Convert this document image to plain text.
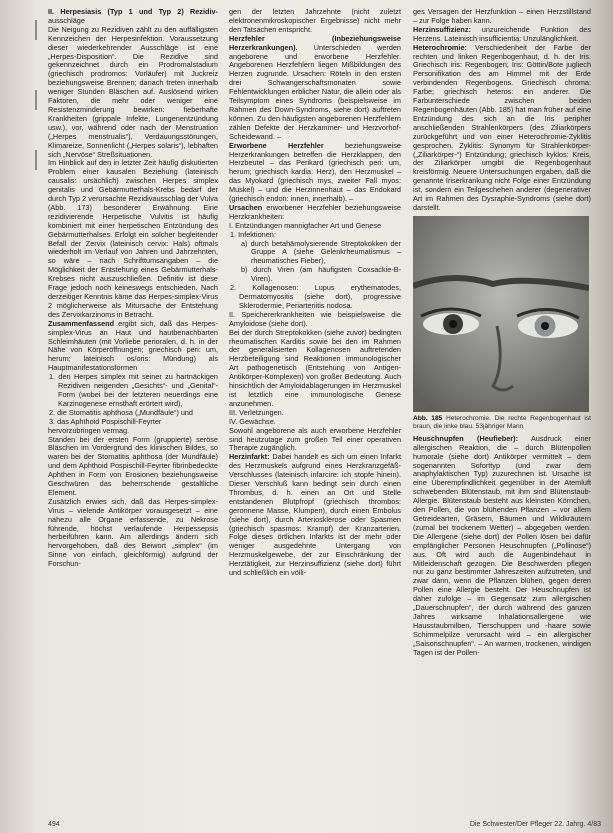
II. Herpesiasis (Typ 1 und Typ 2) Rezidiv-ausschläge

Die Neigung zu Rezidiven zählt zu den auffälligsten Kennzeichen der Herpesinfektion. Voraussetzung dieser wiederkehrender Ausschläge ist eine „Herpes-Disposition“. Die Rezidive sind gekennzeichnet durch ein Prodromalstadium (griechisch prodromos: Vorläufer) mit Juckreiz beziehungsweise Brennen; danach treten innerhalb weniger Stunden Bläschen auf. Auslösend wirken Faktoren, die mehr oder weniger eine Resistenzminderung bewirken: fieberhafte Krankheiten (grippale Infekte, Lungenentzündung usw.), vor, während oder nach der Menstruation („Herpes menstrualis“), Verdauungsstörungen, Klimareize, Sonnenlicht („Herpes solaris“), lebhaften sich „Nervöse“ Streßsituationen.

Im Hinblick auf den in letzter Zeit häufig diskutierten Problem einer kausalen Beziehung (lateinisch causalis: ursächlich) zwischen Herpes simplex genitalis und Gebärmutterhals-Krebs bedarf der durch Typ 2 verursachte Rezidivausschlag der Vulva (Abb. 173) besonderer Erwähnung. Eine rezidivierende Herpetische Vulvitis ist häufig kombiniert mit einer herpetischen Entzündung des Gebärmutterhalses. Erfolgt ein solcher begleitender Befall der Zervix (lateinisch cervix: Hals) oftmals wiederholt im Verlauf von Jahren und Jahrzehnten, so wäre – nach Schrifttumsangaben – die Möglichkeit der Entstehung eines Gebärmutterhals-Krebses nicht auszuschließen. Definitiv ist diese Frage jedoch noch keineswegs entschieden. Nach derzeitiger Kenntnis käme das Herpes-simplex-Virus 2 möglicherweise als Mitursache der Entstehung des Zervixkarzinoms in Betracht.

Zusammenfassend ergibt sich, daß das Herpes-simplex-Virus an Haut und hautbenachbarten Schleimhäuten (mit Vorliebe perioralen, d. h. in der Nähe von Körperöffnungen; griechisch peri: um, herum; lateinisch os/oris: Mündung) als Hauptmanifestationsformen

1. den Herpes simplex mit seiner zu hartnäckigen Rezidiven neigenden „Gesichts“- und „Genital“-Form (wobei bei der letzteren neuerdings eine Karzinogenese ernsthaft erörtert wird),

2. die Stomatitis aphthosa („Mundfäule“) und

3. das Aphthoid Pospischill-Feyrter

hervorzubringen vermag.

Standen bei der ersten Form (gruppierte) seröse Bläschen im Vordergrund des klinischen Bildes, so waren bei der Stomatitis aphthosa (der Mundfäule) und dem Aphthoid Pospischill-Feyrter fibrinbedeckte Aphthen in Form von Erosionen beziehungsweise Geschwüren das beherrschende gestaltliche Element.

Zusätzlich erwies sich, daß das Herpes-simplex-Virus – vielende Antikörper vorausgesetzt – eine nahezu alle Organe erfassende, zu Nekrose führende, höchst verlaufende Herpessepsis herbeiführen kann. Am allerdings ändern sich hervorgehoben, daß des Beiwort „simplex“ (im Sinne von einfach, gleichförmig) aufgrund der Forschun-

gen der letzten Jahrzehnte (nicht zuletzt elektronenmikroskopischer Ergebnisse) nicht mehr den Tatsachen entspricht.

Herzfehler (Inbeziehungsweise Herzerkrankungen). Unterschieden werden angeborene und erworbene Herzfehler. Angeborenen Herzfehlern liegen Mißbildungen des Herzen zugrunde. Ursachen: Röteln in den ersten drei Schwangerschaftsmonaten sowie Fehlentwicklungen erblicher Natur, die allein oder als Teilsymptom eines Syndroms (beispielsweise im Rahmen des Down-Syndroms, siehe dort) auftreten können. Zu den häufigsten angeborenen Herzfehlern zählen Defekte der Herzkammer- und Herzvorhof-Scheidewand. –

Erworbene Herzfehler beziehungsweise Herzerkrankungen betreffen die Herzklappen, den Herzbeutel – das Perikard (griechisch peri: um, herum; griechisch kardia: Herz), den Herzmuskel – das Myokard (griechisch mys, zweiter Fall myos: Muskel) – und die Herzinnenhaut – das Endokard (griechisch endon: innen, innerhalb). –

Ursachen erworbener Herzfehler beziehungsweise Herzkrankheiten:

I. Entzündungen mannigfacher Art und Genese

1. Infektionen:

a) durch betahämolysierende Streptokokken der Gruppe A (siehe Gelenkrheumatismus – rheumatisches Fieber),

b) durch Viren (am häufigsten Coxsackie-B-Viren).

2. Kollagenosen: Lupus erythematodes, Dermatomyositis (siehe dort), progressive Sklerodermie, Periarteriitis nodosa.

II. Speichererkrankheiten wie beispielsweise die Amyloidose (siehe dort).

Bei der durch Streptokokken (siehe zuvor) bedingten rheumatischen Karditis sowie bei den im Rahmen der generalisierten Kollagenosen auftretenden Herzbeteiligung sind Reaktionen immunologischer Art pathogenetisch (Entstehung von Antigen-Antikörper-Komplexen) von großer Bedeutung. Auch hinsichtlich der Amyloidablagerungen im Herzmuskel ist letztlich eine immunologische Genese anzunehmen.

III. Verletzungen.

IV. Gewächse.

Sowohl angeborene als auch erworbene Herzfehler sind heutzutage zum großen Teil einer operativen Therapie zugänglich.

Herzinfarkt: Dabei handelt es sich um einen Infarkt des Herzmuskels aufgrund eines Herzkranzgefäß-Verschlusses (lateinisch infarcire: ich stopfe hinein). Dieser Verschluß kann bedingt sein durch einen Thrombus, d. h. einen an Ort und Stelle entstandenen Blutpfropf (griechisch thrombos: geronnene Masse, Klumpen), durch einen Embolus (siehe dort), durch Arteriosklerose oder Spasmen (griechisch spasmos: Krampf) der Kranzarterien. Folge dieses örtlichen Infarkts ist der mehr oder weniger ausgedehnte Untergang von Herzmuskelgewebe, der zur Einschränkung der Herztätigkeit, zur Herzinsuffizienz (siehe dort) führt und schließlich ein völli-

ges Versagen der Herzfunktion – einen Herzstillstand – zur Folge haben kann.

Herzinsuffizienz: unzureichende Funktion des Herzens. Lateinisch insufficientia: Unzulänglichkeit.

Heterochromie: Verschiedenheit der Farbe der rechten und linken Regenbogenhaut, d. h. der Iris. Griechisch iris: Regenbogen; Iris: Göttin/Bote jugliech Personifikation des am Himmel mit der Erde verbindenden Regenbogens. Griechisch chroma: Farbe; griechisch heteros: ein anderer. Die Farbunterschiede zwischen beiden Regenbogenhäuten (Abb. 185) hat man früher auf eine Entzündung des sich an die Iris peripher anschließenden Strahlenkörpers (des Ziliarkörpers zurückgeführt und von einer Heterochromie-Zyklitis gesprochen. Zyklitis: Synonym für Strahlenkörper- („Ziliarkörper-“) Entzündung; griechisch kyklos: Kreis, der Ziliarkörper umgibt die Regenbogenhaut kreisförmig. Neuere Untersuchungen ergaben, daß die genannte Iriserkrankung nicht Folge einer Entzündung ist, sondern ein Teilgeschehen anderer (degenerativer Art im Rahmen des Dysraphie-Syndroms (siehe dort) darstellt.

Abb. 185 Heterochromie. Die rechte Regenbogenhaut ist braun, die linke blau. 53jähriger Mann

Heuschnupfen (Heufieber): Ausdruck einer allergischen Reaktion, die – durch Blütenpollen humorale (siehe dort) Antikörper vermittelt – dem sogenannten Soforttyp (und zwar dem anaphylaktischen Typ) zuzurechnen ist. Ursache ist eine Überempfindlichkeit gegenüber in der Atemluft schwebenden Blütenstaub, mit ihm sind Blütenstaub-Allergie. Blütenstaub besteht aus kleinsten Körnchen, den Pollen, die von blühenden Pflanzen – vor allem Getreidearten, Gräsern, Bäumen und Wildkräutern (zumal bei trockenem Wetter) – abgegeben werden. Die Allergene (siehe dort) der Pollen lösen bei dafür empfänglicher Personen Heuschnupfen („Pollinose“) aus. Oft wird auch die Augenbindehaut in Mitleidenschaft gezogen. Die Beschwerden pflegen nur zu ganz bestimmter Jahreszeiten aufzutreten, und zwar dann, wenn die Pflanzen blühen, gegen deren Pollen eine Allergie besteht. Der Heuschnupfen ist daher zufolge – im Gegensatz zum allergischen „Dauerschnupfen“, der durch während des ganzen Jahres wirksame Inhalationsallergene wie Hausstaubmilben, Tierschuppen und -haare sowie Schimmelpilze verursacht wird – ein allergischer „Saisonschnupfen“. – An warmen, trockenen, windigen Tagen ist der Pollen-

494	Die Schwester/Der Pfleger 22. Jahrg. 4/83
